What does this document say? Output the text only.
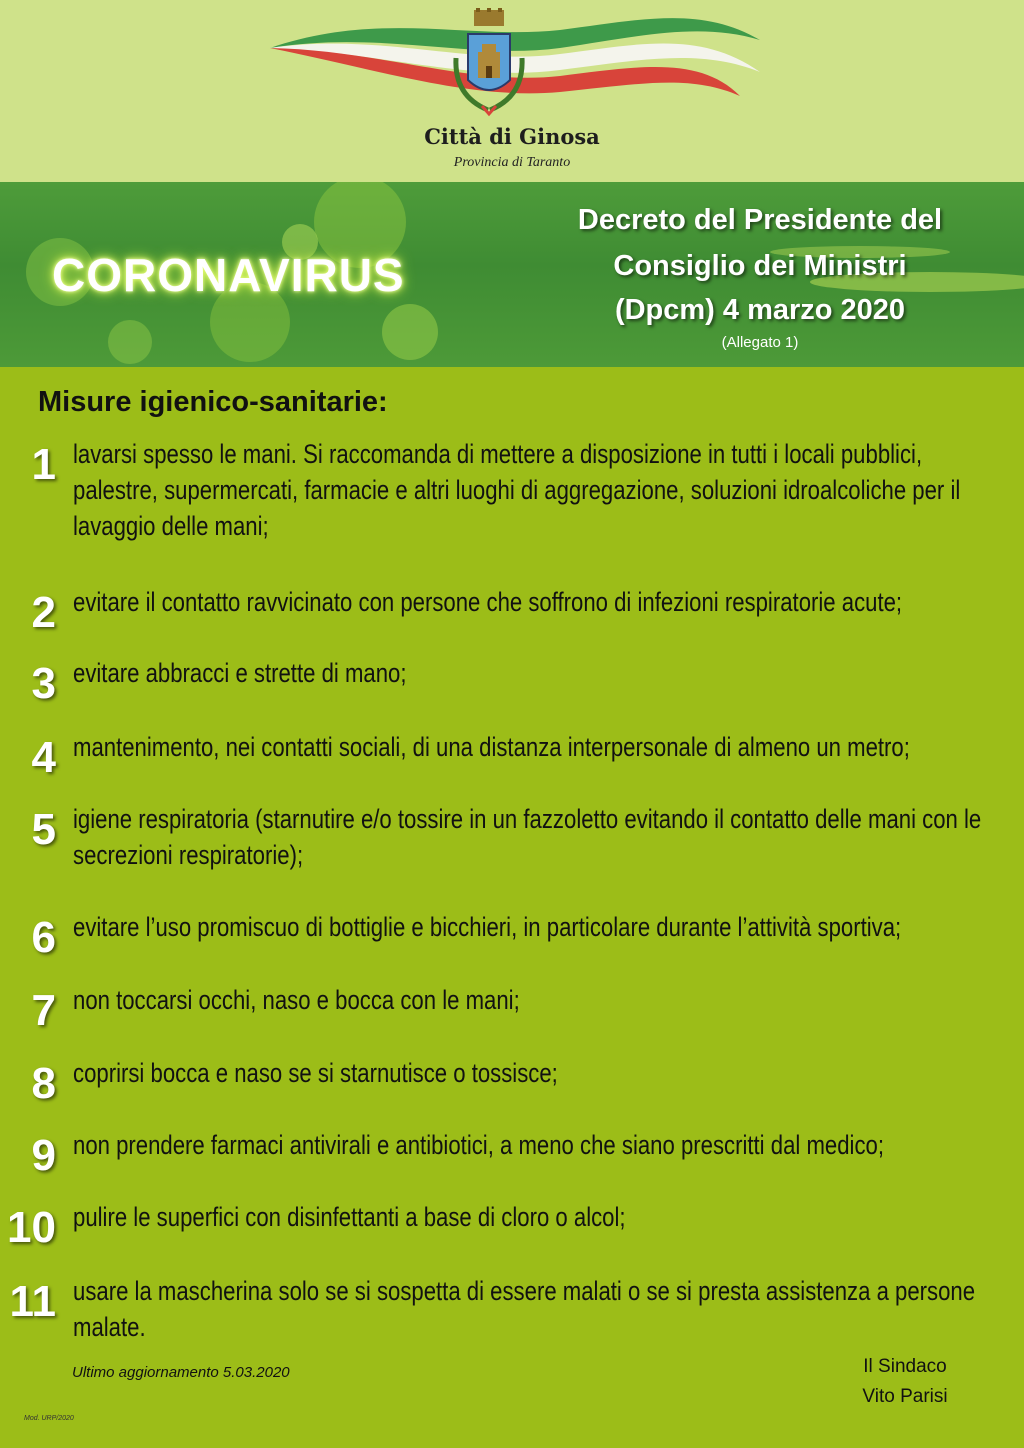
Città di Ginosa
Provincia di Taranto
CORONAVIRUS
Decreto del Presidente del
Consiglio dei Ministri
(Dpcm) 4 marzo 2020
(Allegato 1)
Misure igienico-sanitarie:
1 lavarsi spesso le mani. Si raccomanda di mettere a disposizione in tutti i locali pubblici, palestre, supermercati, farmacie e altri luoghi di aggregazione, soluzioni idroalcoliche per il lavaggio delle mani;
2 evitare il contatto ravvicinato con persone che soffrono di infezioni respiratorie acute;
3 evitare abbracci e strette di mano;
4 mantenimento, nei contatti sociali, di una distanza interpersonale di almeno un metro;
5 igiene respiratoria (starnutire e/o tossire in un fazzoletto evitando il contatto delle mani con le secrezioni respiratorie);
6 evitare l’uso promiscuo di bottiglie e bicchieri, in particolare durante l’attività sportiva;
7 non toccarsi occhi, naso e bocca con le mani;
8 coprirsi bocca e naso se si starnutisce o tossisce;
9 non prendere farmaci antivirali e antibiotici, a meno che siano prescritti dal medico;
10 pulire le superfici con disinfettanti a base di cloro o alcol;
11 usare la mascherina solo se si sospetta di essere malati o se si presta assistenza a persone malate.
Ultimo aggiornamento 5.03.2020	Il Sindaco
Vito Parisi
Mod. URP/2020
